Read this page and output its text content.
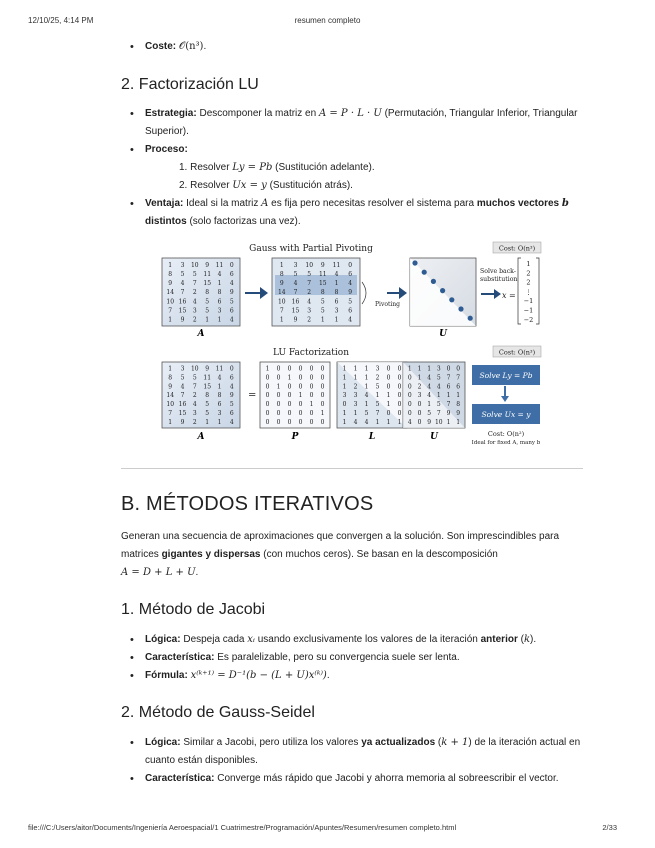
12/10/25, 4:14 PM	resumen completo
• Coste: 𝒪(n³).
2. Factorización LU
• Estrategia: Descomponer la matriz en A = P · L · U (Permutación, Triangular Inferior, Triangular Superior).
• Proceso:
1. Resolver Ly = Pb (Sustitución adelante).
2. Resolver Ux = y (Sustitución atrás).
• Ventaja: Ideal si la matriz A es fija pero necesitas resolver el sistema para muchos vectores b distintos (solo factorizas una vez).
Gauss with Partial Pivoting	Cost: O(n³)
1 3 10 9 11 0
8 5 5 11 4 6
9 4 7 15 1 4
14 7 2 8 8 9
10 16 4 5 6 5
7 15 3 5 3 6
1 9 2 1 1 4
A
1 3 10 9 11 0
8 5 5 11 4 6
9 4 7 15 1 4
14 7 2 8 8 9
10 16 4 5 6 5
7 15 3 5 3 6
1 9 2 1 1 4
Pivoting
U
Solve back-
substitution
x =
1
2
2
⋮
−1
−1
−2
LU Factorization	Cost: O(n³)
1 3 10 9 11 0
8 5 5 11 4 6
9 4 7 15 1 4
14 7 2 8 8 9
10 16 4 5 6 5
7 15 3 5 3 6
1 9 2 1 1 4
=
1 0 0 0 0 0
0 0 1 0 0 0
0 1 0 0 0 0
0 0 0 1 0 0
0 0 0 0 1 0
0 0 0 0 0 1
0 0 0 0 0 0
1 1 1 3 0 0
1 1 1 2 0 0
1 2 1 5 0 0
3 3 4 1 1 0
0 3 1 5 1 0
1 1 5 7 0 0
1 4 4 1 1 1
1 1 1 3 0 0
0 1 4 5 7 7
0 2 4 4 6 6
0 3 4 1 1 1
0 0 1 5 7 8
0 0 5 7 9 9
4 0 9 10 1 1
A	P	L	U
Solve Ly = Pb
Solve Ux = y
Cost: O(n²)
Ideal for fixed A, many b
B. MÉTODOS ITERATIVOS

Generan una secuencia de aproximaciones que convergen a la solución. Son imprescindibles para matrices gigantes y dispersas (con muchos ceros). Se basan en la descomposición
A = D + L + U.

1. Método de Jacobi
• Lógica: Despeja cada xᵢ usando exclusivamente los valores de la iteración anterior (k).
• Característica: Es paralelizable, pero su convergencia suele ser lenta.
• Fórmula: x⁽ᵏ⁺¹⁾ = D⁻¹(b − (L + U)x⁽ᵏ⁾).
2. Método de Gauss-Seidel
• Lógica: Similar a Jacobi, pero utiliza los valores ya actualizados (k + 1) de la iteración actual en cuanto están disponibles.
• Característica: Converge más rápido que Jacobi y ahorra memoria al sobreescribir el vector.
file:///C:/Users/aitor/Documents/Ingeniería Aeroespacial/1 Cuatrimestre/Programación/Apuntes/Resumen/resumen completo.html	2/33
